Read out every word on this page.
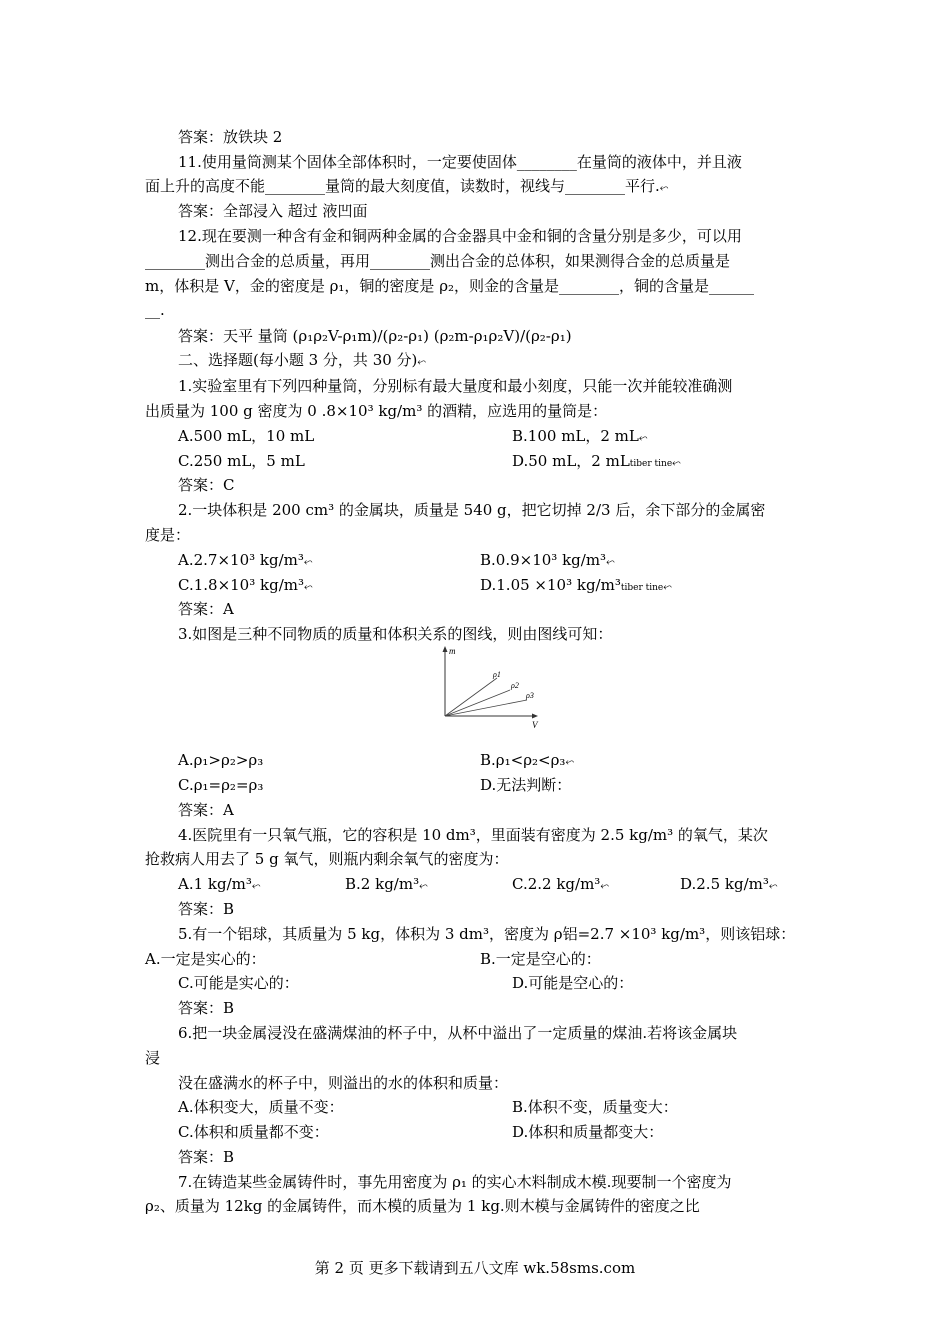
答案：放铁块 2
11.使用量筒测某个固体全部体积时，一定要使固体________在量筒的液体中，并且液
面上升的高度不能________量筒的最大刻度值，读数时，视线与________平行.⬿
答案：全部浸入 超过 液凹面
12.现在要测一种含有金和铜两种金属的合金器具中金和铜的含量分别是多少，可以用
________测出合金的总质量，再用________测出合金的总体积，如果测得合金的总质量是
m，体积是 V，金的密度是 ρ₁，铜的密度是 ρ₂，则金的含量是________，铜的含量是______
__.
答案：天平 量筒 (ρ₁ρ₂V-ρ₁m)/(ρ₂-ρ₁) (ρ₂m-ρ₁ρ₂V)/(ρ₂-ρ₁)
二、选择题(每小题 3 分，共 30 分)⬿
1.实验室里有下列四种量筒，分别标有最大量度和最小刻度，只能一次并能较准确测
出质量为 100 g 密度为 0 .8×10³ kg/m³ 的酒精，应选用的量筒是：
A.500 mL，10 mL	B.100 mL，2 mL⬿
C.250 mL，5 mL	D.50 mL，2 mLtiber tine⬿
答案：C
2.一块体积是 200 cm³ 的金属块，质量是 540 g，把它切掉 2/3 后，余下部分的金属密
度是：
A.2.7×10³ kg/m³⬿	B.0.9×10³ kg/m³⬿
C.1.8×10³ kg/m³⬿	D.1.05 ×10³ kg/m³tiber tine⬿
答案：A
3.如图是三种不同物质的质量和体积关系的图线，则由图线可知：
m
V
ρ1
ρ2
ρ3
A.ρ₁>ρ₂>ρ₃	B.ρ₁<ρ₂<ρ₃⬿
C.ρ₁=ρ₂=ρ₃	D.无法判断：
答案：A
4.医院里有一只氧气瓶，它的容积是 10 dm³，里面装有密度为 2.5 kg/m³ 的氧气，某次
抢救病人用去了 5 g 氧气，则瓶内剩余氧气的密度为：
A.1 kg/m³⬿	B.2 kg/m³⬿	C.2.2 kg/m³⬿	D.2.5 kg/m³⬿
答案：B
5.有一个铝球，其质量为 5 kg，体积为 3 dm³，密度为 ρ铝=2.7 ×10³ kg/m³，则该铝球：
A.一定是实心的：	B.一定是空心的：
C.可能是实心的：	D.可能是空心的：
答案：B
6.把一块金属浸没在盛满煤油的杯子中，从杯中溢出了一定质量的煤油.若将该金属块
浸
没在盛满水的杯子中，则溢出的水的体积和质量：
A.体积变大，质量不变：	B.体积不变，质量变大：
C.体积和质量都不变：	D.体积和质量都变大：
答案：B
7.在铸造某些金属铸件时，事先用密度为 ρ₁ 的实心木料制成木模.现要制一个密度为
ρ₂、质量为 12kg 的金属铸件，而木模的质量为 1 kg.则木模与金属铸件的密度之比
第 2 页 更多下载请到五八文库 wk.58sms.com
